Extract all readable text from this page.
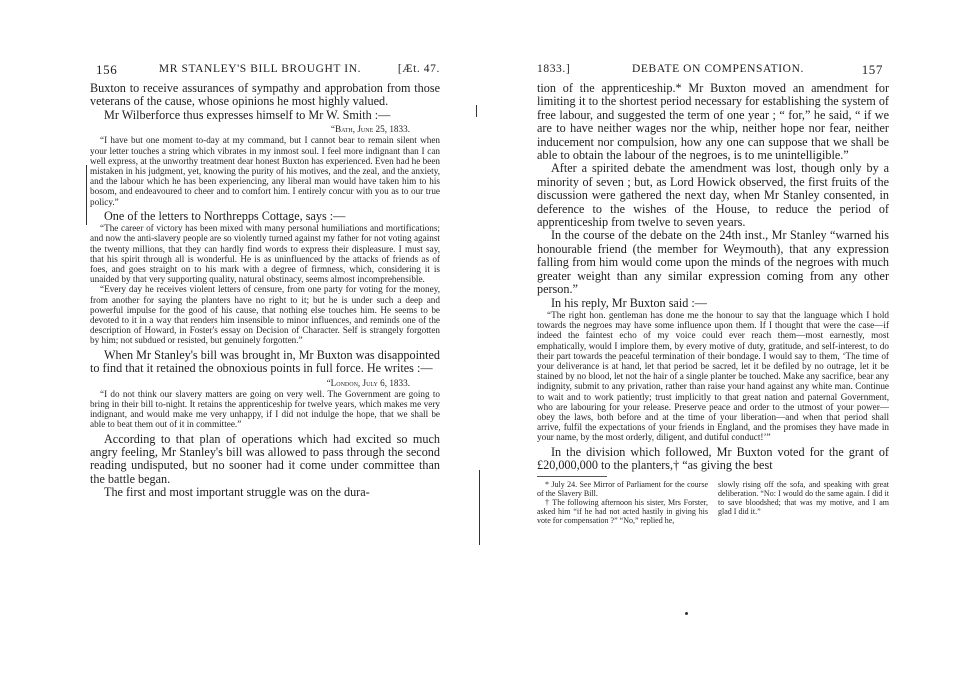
156	MR STANLEY'S BILL BROUGHT IN.	[Æt. 47.

Buxton to receive assurances of sympathy and approbation from those veterans of the cause, whose opinions he most highly valued.

Mr Wilberforce thus expresses himself to Mr W. Smith :—

“Bath, June 25, 1833.

“I have but one moment to-day at my command, but I cannot bear to remain silent when your letter touches a string which vibrates in my inmost soul. I feel more indignant than I can well express, at the unworthy treatment dear honest Buxton has experienced. Even had he been mistaken in his judgment, yet, knowing the purity of his motives, and the zeal, and the anxiety, and the labour which he has been experiencing, any liberal man would have taken him to his bosom, and endeavoured to cheer and to comfort him. I entirely concur with you as to our true policy.”

One of the letters to Northrepps Cottage, says :—

“The career of victory has been mixed with many personal humiliations and mortifications; and now the anti-slavery people are so violently turned against my father for not voting against the twenty millions, that they can hardly find words to express their displeasure. I must say, that his spirit through all is wonderful. He is as uninfluenced by the attacks of friends as of foes, and goes straight on to his mark with a degree of firmness, which, considering it is unaided by that very supporting quality, natural obstinacy, seems almost incomprehensible.

“Every day he receives violent letters of censure, from one party for voting for the money, from another for saying the planters have no right to it; but he is under such a deep and powerful impulse for the good of his cause, that nothing else touches him. He seems to be devoted to it in a way that renders him insensible to minor influences, and reminds one of the description of Howard, in Foster's essay on Decision of Character. Self is strangely forgotten by him; not subdued or resisted, but genuinely forgotten.”

When Mr Stanley's bill was brought in, Mr Buxton was disappointed to find that it retained the obnoxious points in full force. He writes :—

“London, July 6, 1833.

“I do not think our slavery matters are going on very well. The Government are going to bring in their bill to-night. It retains the apprenticeship for twelve years, which makes me very indignant, and would make me very unhappy, if I did not indulge the hope, that we shall be able to beat them out of it in committee.”

According to that plan of operations which had excited so much angry feeling, Mr Stanley's bill was allowed to pass through the second reading undisputed, but no sooner had it come under committee than the battle began.

The first and most important struggle was on the dura-

1833.]	DEBATE ON COMPENSATION.	157

tion of the apprenticeship.* Mr Buxton moved an amendment for limiting it to the shortest period necessary for establishing the system of free labour, and suggested the term of one year ; “ for,” he said, “ if we are to have neither wages nor the whip, neither hope nor fear, neither inducement nor compulsion, how any one can suppose that we shall be able to obtain the labour of the negroes, is to me unintelligible.”

After a spirited debate the amendment was lost, though only by a minority of seven ; but, as Lord Howick observed, the first fruits of the discussion were gathered the next day, when Mr Stanley consented, in deference to the wishes of the House, to reduce the period of apprenticeship from twelve to seven years.

In the course of the debate on the 24th inst., Mr Stanley “warned his honourable friend (the member for Weymouth), that any expression falling from him would come upon the minds of the negroes with much greater weight than any similar expression coming from any other person.”

In his reply, Mr Buxton said :—

“The right hon. gentleman has done me the honour to say that the language which I hold towards the negroes may have some influence upon them. If I thought that were the case—if indeed the faintest echo of my voice could ever reach them—most earnestly, most emphatically, would I implore them, by every motive of duty, gratitude, and self-interest, to do their part towards the peaceful termination of their bondage. I would say to them, ‘The time of your deliverance is at hand, let that period be sacred, let it be defiled by no outrage, let it be stained by no blood, let not the hair of a single planter be touched. Make any sacrifice, bear any indignity, submit to any privation, rather than raise your hand against any white man. Continue to wait and to work patiently; trust implicitly to that great nation and paternal Government, who are labouring for your release. Preserve peace and order to the utmost of your power—obey the laws, both before and at the time of your liberation—and when that period shall arrive, fulfil the expectations of your friends in England, and the promises they have made in your name, by the most orderly, diligent, and dutiful conduct!’”

In the division which followed, Mr Buxton voted for the grant of £20,000,000 to the planters,† “as giving the best

* July 24. See Mirror of Parliament for the course of the Slavery Bill.

† The following afternoon his sister, Mrs Forster, asked him “if he had not acted hastily in giving his vote for compensation ?” “No,” replied he,

slowly rising off the sofa, and speaking with great deliberation. “No: I would do the same again. I did it to save bloodshed; that was my motive, and I am glad I did it.”
